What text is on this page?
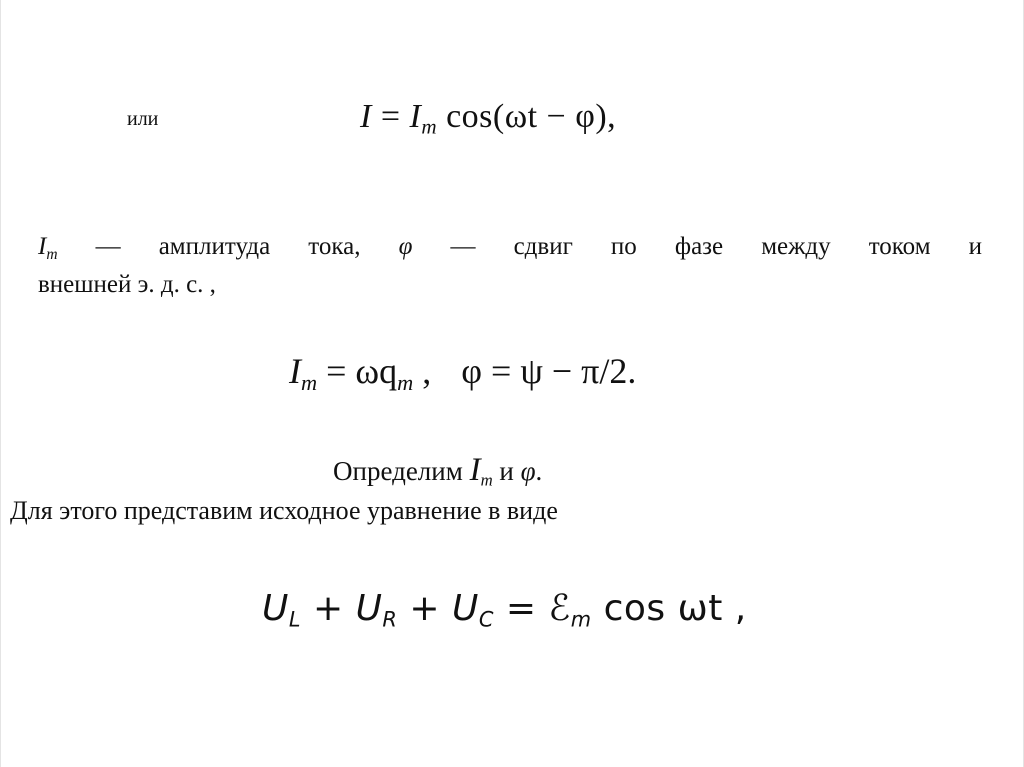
или	$I = I_m$ cos(ωt − φ),
$I_m$ — амплитуда тока, φ — сдвиг по фазе между током и
внешней э. д. с. ,
$I_m = \omega q_m$ , φ = ψ − π/2.
Определим $I_m$ и φ.
Для этого представим исходное уравнение в виде
$U_L + U_R + U_C$ = ℰ$_m$ cos ωt ,
